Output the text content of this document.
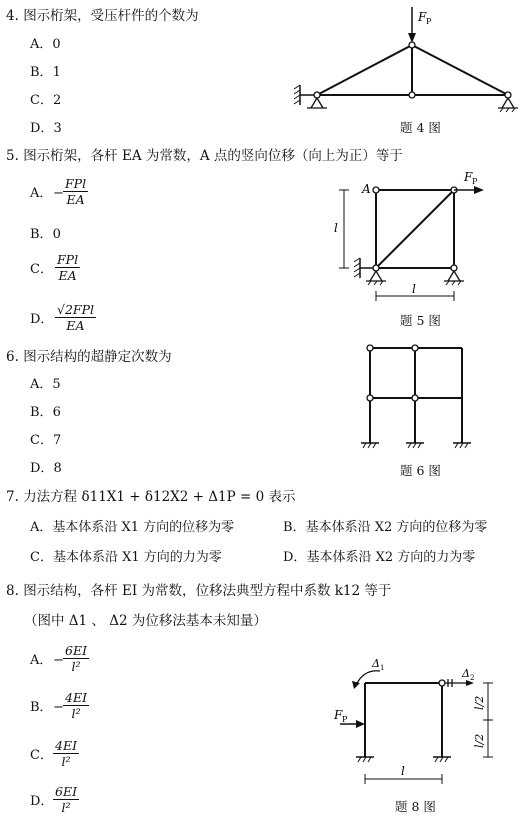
4. 图示桁架，受压杆件的个数为
A．0
B．1
C．2
D．3
F P
题 4 图
5. 图示桁架，各杆 EA 为常数，A 点的竖向位移（向上为正）等于
A． −
FPl
EA
B．0
C．
FPl
EA
D．
√2FPl
EA
A
F P
l
l
题 5 图
6. 图示结构的超静定次数为
A．5
B．6
C．7
D．8	题 6 图
7. 力法方程 δ11X1 + δ12X2 + Δ1P = 0 表示
A．基本体系沿 X1 方向的位移为零	B．基本体系沿 X2 方向的位移为零
C．基本体系沿 X1 方向的力为零	D．基本体系沿 X2 方向的力为零
8. 图示结构，各杆 EI 为常数，位移法典型方程中系数 k12 等于
（图中 Δ1 、 Δ2 为位移法基本未知量）
A． − $\frac{6EI}{\text{l²}}$
B． − $\frac{4EI}{\text{l²}}$
C． $\frac{4EI}{\text{l²}}$
D． $\frac{6EI}{\text{l²}}$
Δ 1	Δ 2
F P
l/2
l/2
l
题 8 图
